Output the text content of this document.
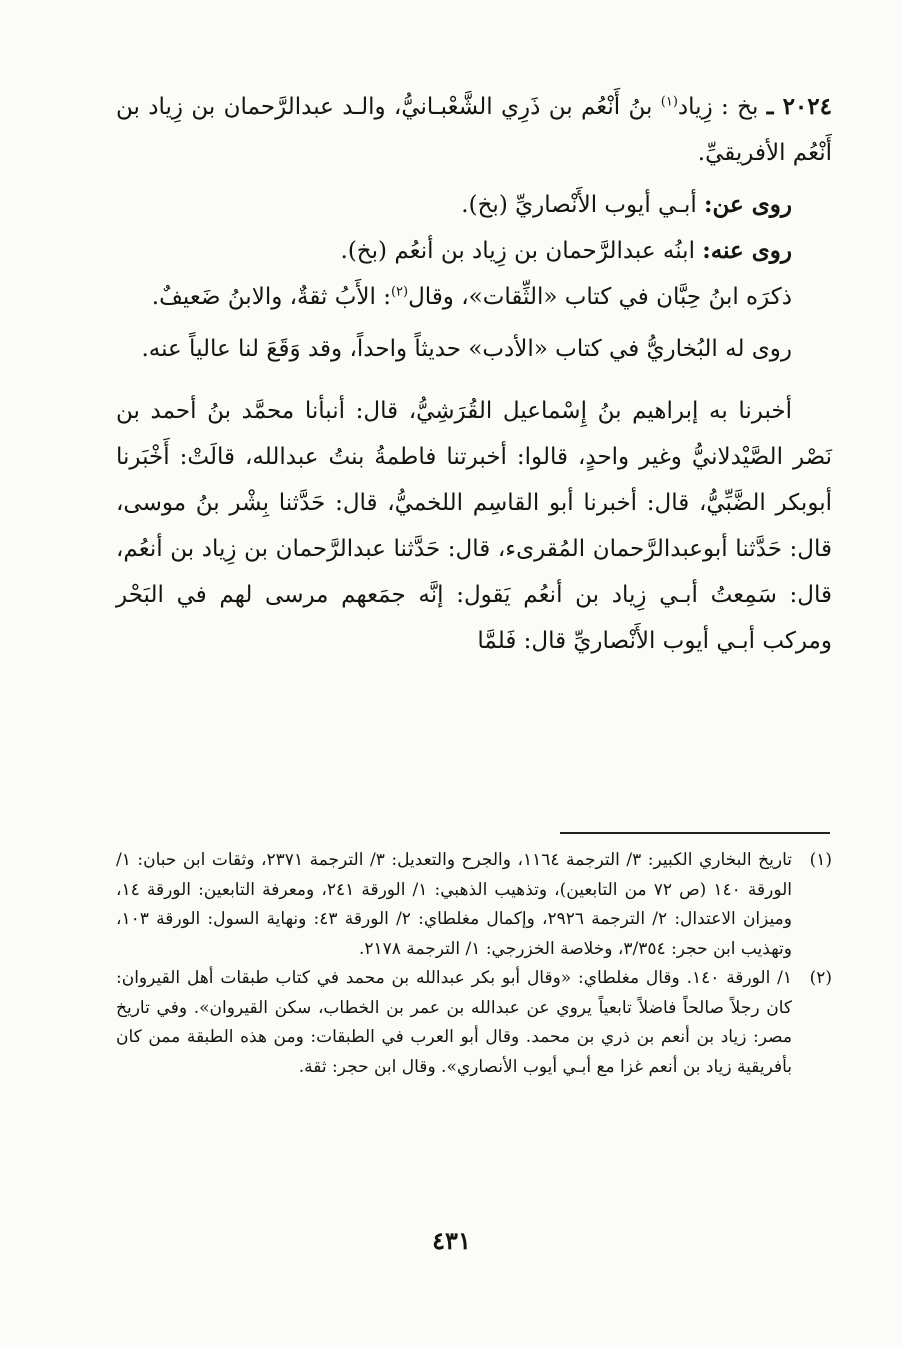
٢٠٢٤ ـ بخ : زِياد$^{(١)}$ بنُ أَنْعُم بن ذَرِي الشَّعْبـانيُّ، والـد عبدالرَّحمان بن زِياد بن أَنْعُم الأفريقيِّ.

روى عن: أبـي أيوب الأَنْصاريِّ (بخ).

روى عنه: ابنُه عبدالرَّحمان بن زِياد بن أنعُم (بخ).

ذكرَه ابنُ حِبَّان في كتاب «الثِّقات»، وقال$^{(٢)}$: الأَبُ ثقةٌ، والابنُ ضَعيفٌ.

روى له البُخاريُّ في كتاب «الأدب» حديثاً واحداً، وقد وَقَعَ لنا عالياً عنه.

أخبرنا به إبراهيم بنُ إِسْماعيل القُرَشِيُّ، قال: أنبأنا محمَّد بنُ أحمد بن نَصْر الصَّيْدلانيُّ وغير واحدٍ، قالوا: أخبرتنا فاطمةُ بنتُ عبدالله، قالَتْ: أَخْبَرنا أبوبكر الضَّبِّيُّ، قال: أخبرنا أبو القاسِم اللخميُّ، قال: حَدَّثنا بِشْر بنُ موسى، قال: حَدَّثنا أبوعبدالرَّحمان المُقرىء، قال: حَدَّثنا عبدالرَّحمان بن زِياد بن أنعُم، قال: سَمِعتُ أبـي زِياد بن أنعُم يَقول: إنَّه جمَعهم مرسى لهم في البَحْر ومركب أبـي أيوب الأَنْصاريِّ قال: فَلمَّا

(١)
تاريخ البخاري الكبير: ٣/ الترجمة ١١٦٤، والجرح والتعديل: ٣/ الترجمة ٢٣٧١، وثقات ابن حبان: ١/ الورقة ١٤٠ (ص ٧٢ من التابعين)، وتذهيب الذهبي: ١/ الورقة ٢٤١، ومعرفة التابعين: الورقة ١٤، وميزان الاعتدال: ٢/ الترجمة ٢٩٢٦، وإكمال مغلطاي: ٢/ الورقة ٤٣: ونهاية السول: الورقة ١٠٣، وتهذيب ابن حجر: ٣/٣٥٤، وخلاصة الخزرجي: ١/ الترجمة ٢١٧٨.
(٢)
١/ الورقة ١٤٠. وقال مغلطاي: «وقال أبو بكر عبدالله بن محمد في كتاب طبقات أهل القيروان: كان رجلاً صالحاً فاضلاً تابعياً يروي عن عبدالله بن عمر بن الخطاب، سكن القيروان». وفي تاريخ مصر: زياد بن أنعم بن ذري بن محمد. وقال أبو العرب في الطبقات: ومن هذه الطبقة ممن كان بأفريقية زياد بن أنعم غزا مع أبـي أيوب الأنصاري». وقال ابن حجر: ثقة.
٤٣١
